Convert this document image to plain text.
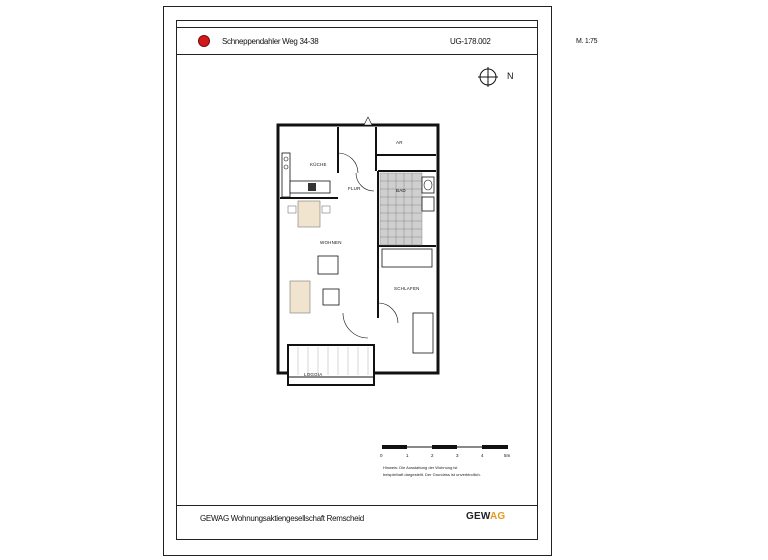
Schneppendahler Weg 34-38	UG-178.002	M. 1:75
N
KÜCHE
FLUR
AR
BAD
WOHNEN
SCHLAFEN
LOGGIA
0	1	2	3	4	5m
Hinweis: Die Ausstattung der Wohnung ist
beispielhaft dargestellt. Der Grundriss ist unverbindlich.
GEWAG Wohnungsaktiengesellschaft Remscheid	GEWAG
